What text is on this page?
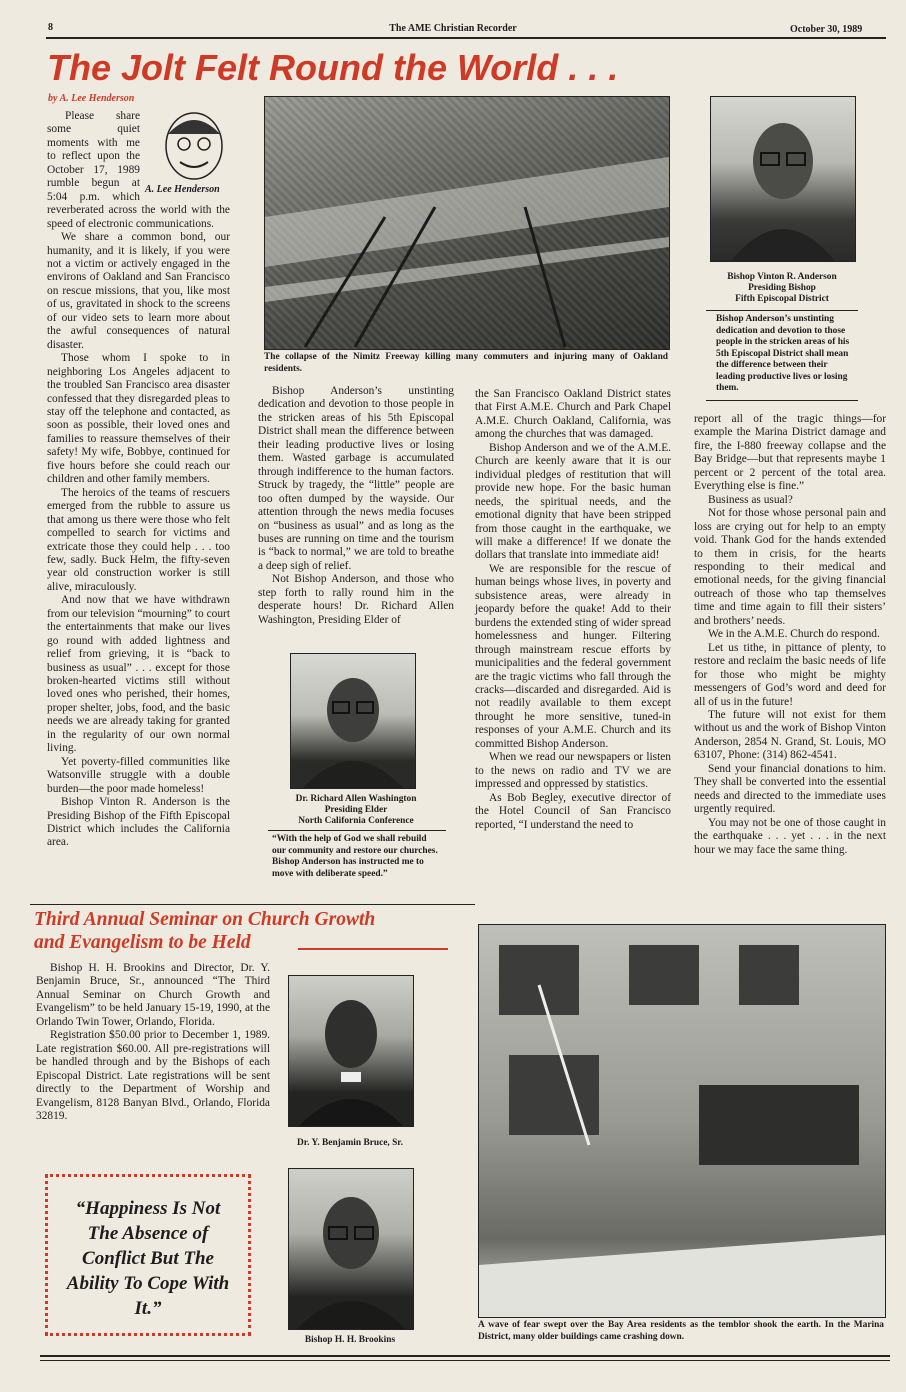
8	The AME Christian Recorder	October 30, 1989
The Jolt Felt Round the World . . .
by A. Lee Henderson
A. Lee Henderson

Please share some quiet moments with me to reflect upon the October 17, 1989 rumble begun at 5:04 p.m. which reverberated across the world with the speed of electronic communications.

We share a common bond, our humanity, and it is likely, if you were not a victim or actively engaged in the environs of Oakland and San Francisco on rescue missions, that you, like most of us, gravitated in shock to the screens of our video sets to learn more about the awful consequences of natural disaster.

Those whom I spoke to in neighboring Los Angeles adjacent to the troubled San Francisco area disaster confessed that they disregarded pleas to stay off the telephone and contacted, as soon as possible, their loved ones and families to reassure themselves of their safety! My wife, Bobbye, continued for five hours before she could reach our children and other family members.

The heroics of the teams of rescuers emerged from the rubble to assure us that among us there were those who felt compelled to search for victims and extricate those they could help . . . too few, sadly. Buck Helm, the fifty-seven year old construction worker is still alive, miraculously.

And now that we have withdrawn from our television “mourning” to court the entertainments that make our lives go round with added lightness and relief from grieving, it is “back to business as usual” . . . except for those broken-hearted victims still without loved ones who perished, their homes, proper shelter, jobs, food, and the basic needs we are already taking for granted in the regularity of our own normal living.

Yet poverty-filled communities like Watsonville struggle with a double burden—the poor made homeless!

Bishop Vinton R. Anderson is the Presiding Bishop of the Fifth Episcopal District which includes the California area.

The collapse of the Nimitz Freeway killing many commuters and injuring many of Oakland residents.
Bishop Vinton R. Anderson
Presiding Bishop
Fifth Episcopal District
Bishop Anderson’s unstinting dedication and devotion to those people in the stricken areas of his 5th Episcopal District shall mean the difference between their leading productive lives or losing them.

Bishop Anderson’s unstinting dedication and devotion to those people in the stricken areas of his 5th Episcopal District shall mean the difference between their leading productive lives or losing them. Wasted garbage is accumulated through indifference to the human factors. Struck by tragedy, the “little” people are too often dumped by the wayside. Our attention through the news media focuses on “business as usual” and as long as the buses are running on time and the tourism is “back to normal,” we are told to breathe a deep sigh of relief.

Not Bishop Anderson, and those who step forth to rally round him in the desperate hours! Dr. Richard Allen Washington, Presiding Elder of

Dr. Richard Allen Washington
Presiding Elder
North California Conference
“With the help of God we shall rebuild our community and restore our churches. Bishop Anderson has instructed me to move with deliberate speed.”

the San Francisco Oakland District states that First A.M.E. Church and Park Chapel A.M.E. Church Oakland, California, was among the churches that was damaged.

Bishop Anderson and we of the A.M.E. Church are keenly aware that it is our individual pledges of restitution that will provide new hope. For the basic human needs, the spiritual needs, and the emotional dignity that have been stripped from those caught in the earthquake, we will make a difference! If we donate the dollars that translate into immediate aid!

We are responsible for the rescue of human beings whose lives, in poverty and subsistence areas, were already in jeopardy before the quake! Add to their burdens the extended sting of wider spread homelessness and hunger. Filtering through mainstream rescue efforts by municipalities and the federal government are the tragic victims who fall through the cracks—discarded and disregarded. Aid is not readily available to them except throught he more sensitive, tuned-in responses of your A.M.E. Church and its committed Bishop Anderson.

When we read our newspapers or listen to the news on radio and TV we are impressed and oppressed by statistics.

As Bob Begley, executive director of the Hotel Council of San Francisco reported, “I understand the need to

report all of the tragic things—for example the Marina District damage and fire, the I-880 freeway collapse and the Bay Bridge—but that represents maybe 1 percent or 2 percent of the total area. Everything else is fine.”

Business as usual?

Not for those whose personal pain and loss are crying out for help to an empty void. Thank God for the hands extended to them in crisis, for the hearts responding to their medical and emotional needs, for the giving financial outreach of those who tap themselves time and time again to fill their sisters’ and brothers’ needs.

We in the A.M.E. Church do respond.

Let us tithe, in pittance of plenty, to restore and reclaim the basic needs of life for those who might be mighty messengers of God’s word and deed for all of us in the future!

The future will not exist for them without us and the work of Bishop Vinton Anderson, 2854 N. Grand, St. Louis, MO 63107, Phone: (314) 862-4541.

Send your financial donations to him. They shall be converted into the essential needs and directed to the immediate uses urgently required.

You may not be one of those caught in the earthquake . . . yet . . . in the next hour we may face the same thing.

Third Annual Seminar on Church Growth
and Evangelism to be Held

Bishop H. H. Brookins and Director, Dr. Y. Benjamin Bruce, Sr., announced “The Third Annual Seminar on Church Growth and Evangelism” to be held January 15-19, 1990, at the Orlando Twin Tower, Orlando, Florida.

Registration $50.00 prior to December 1, 1989. Late registration $60.00. All pre-registrations will be handled through and by the Bishops of each Episcopal District. Late registrations will be sent directly to the Department of Worship and Evangelism, 8128 Banyan Blvd., Orlando, Florida 32819.

Dr. Y. Benjamin Bruce, Sr.
Bishop H. H. Brookins
“Happiness Is Not The Absence of Conflict But The Ability To Cope With It.”
A wave of fear swept over the Bay Area residents as the temblor shook the earth. In the Marina District, many older buildings came crashing down.
